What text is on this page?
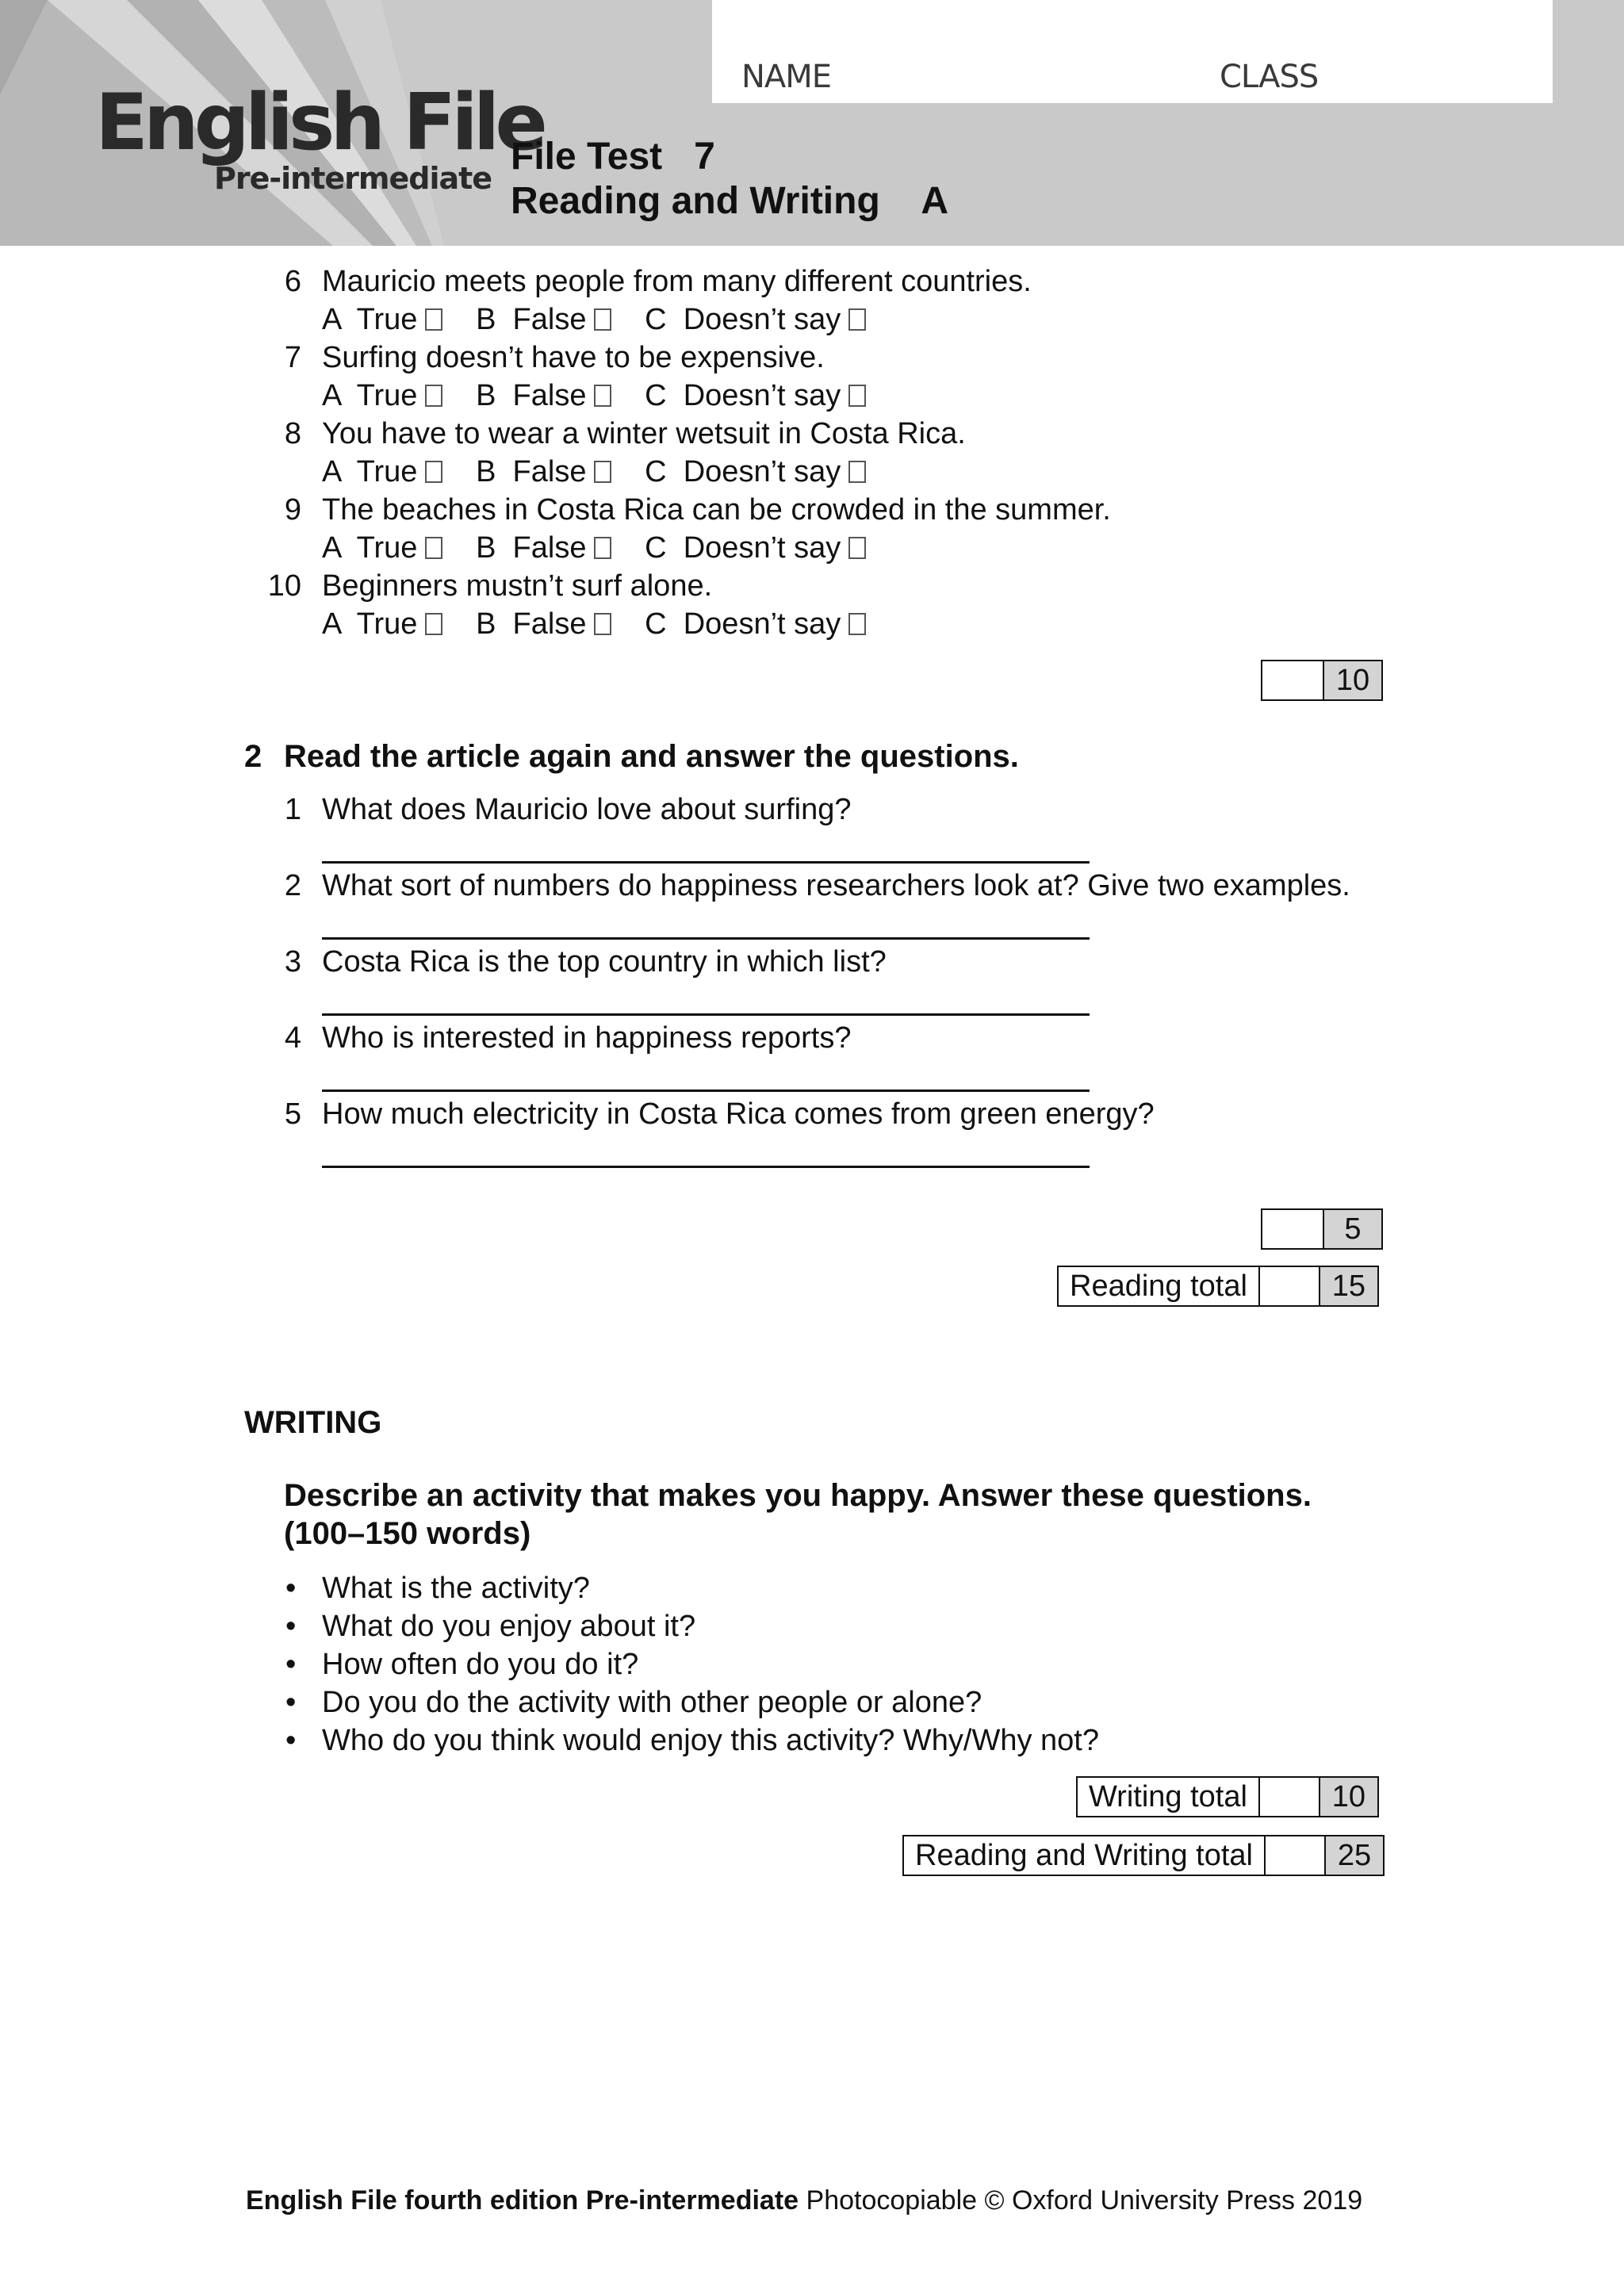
English File
Pre-intermediate
NAME	CLASS
File Test   7
Reading and Writing    A
6 Mauricio meets people from many different countries.
A  True B  False C  Doesn’t say
7 Surfing doesn’t have to be expensive.
A  True B  False C  Doesn’t say
8 You have to wear a winter wetsuit in Costa Rica.
A  True B  False C  Doesn’t say
9 The beaches in Costa Rica can be crowded in the summer.
A  True B  False C  Doesn’t say
10 Beginners mustn’t surf alone.
A  True B  False C  Doesn’t say
10
2 Read the article again and answer the questions.
1 What does Mauricio love about surfing?
2 What sort of numbers do happiness researchers look at? Give two examples.
3 Costa Rica is the top country in which list?
4 Who is interested in happiness reports?
5 How much electricity in Costa Rica comes from green energy?
5
Reading total	15
WRITING
Describe an activity that makes you happy. Answer these questions.
(100–150 words)
• What is the activity?
• What do you enjoy about it?
• How often do you do it?
• Do you do the activity with other people or alone?
• Who do you think would enjoy this activity? Why/Why not?
Writing total	10
Reading and Writing total	25
English File fourth edition Pre-intermediate Photocopiable © Oxford University Press 2019
